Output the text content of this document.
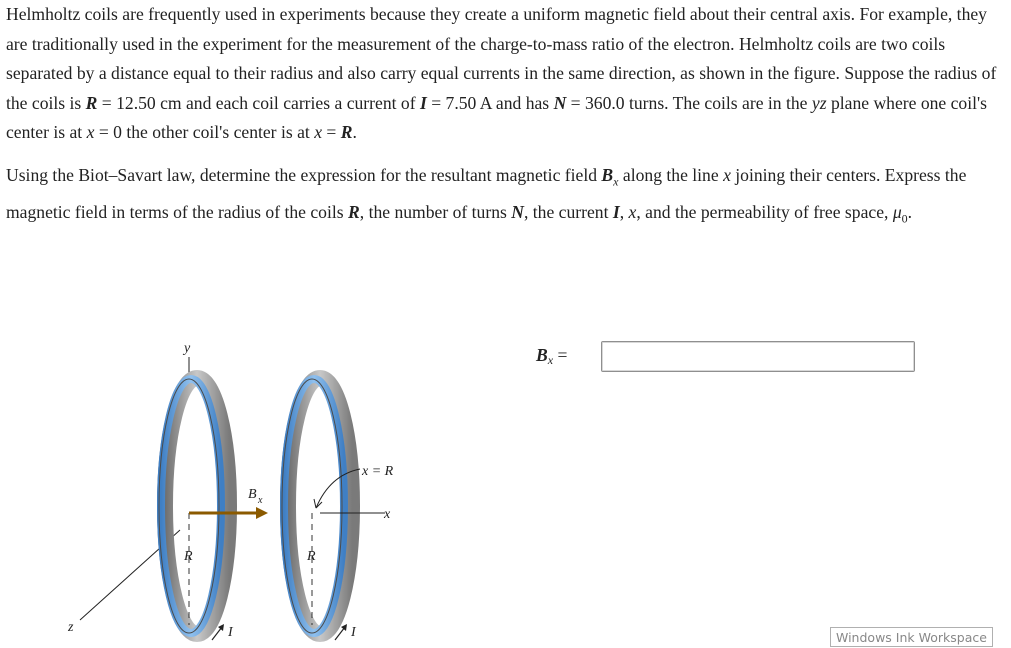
Helmholtz coils are frequently used in experiments because they create a uniform magnetic field about their central axis. For example, they are traditionally used in the experiment for the measurement of the charge-to-mass ratio of the electron. Helmholtz coils are two coils separated by a distance equal to their radius and also carry equal currents in the same direction, as shown in the figure. Suppose the radius of the coils is R = 12.50 cm and each coil carries a current of I = 7.50 A and has N = 360.0 turns. The coils are in the yz plane where one coil's center is at x = 0 the other coil's center is at x = R.

Using the Biot–Savart law, determine the expression for the resultant magnetic field $B_x$ along the line x joining their centers. Express the magnetic field in terms of the radius of the coils R, the number of turns N, the current I, x, and the permeability of free space, $\mu_0$.

z
y
R	R
x
x = R
B x
I	I
$B_x$ =
Windows Ink Workspace
